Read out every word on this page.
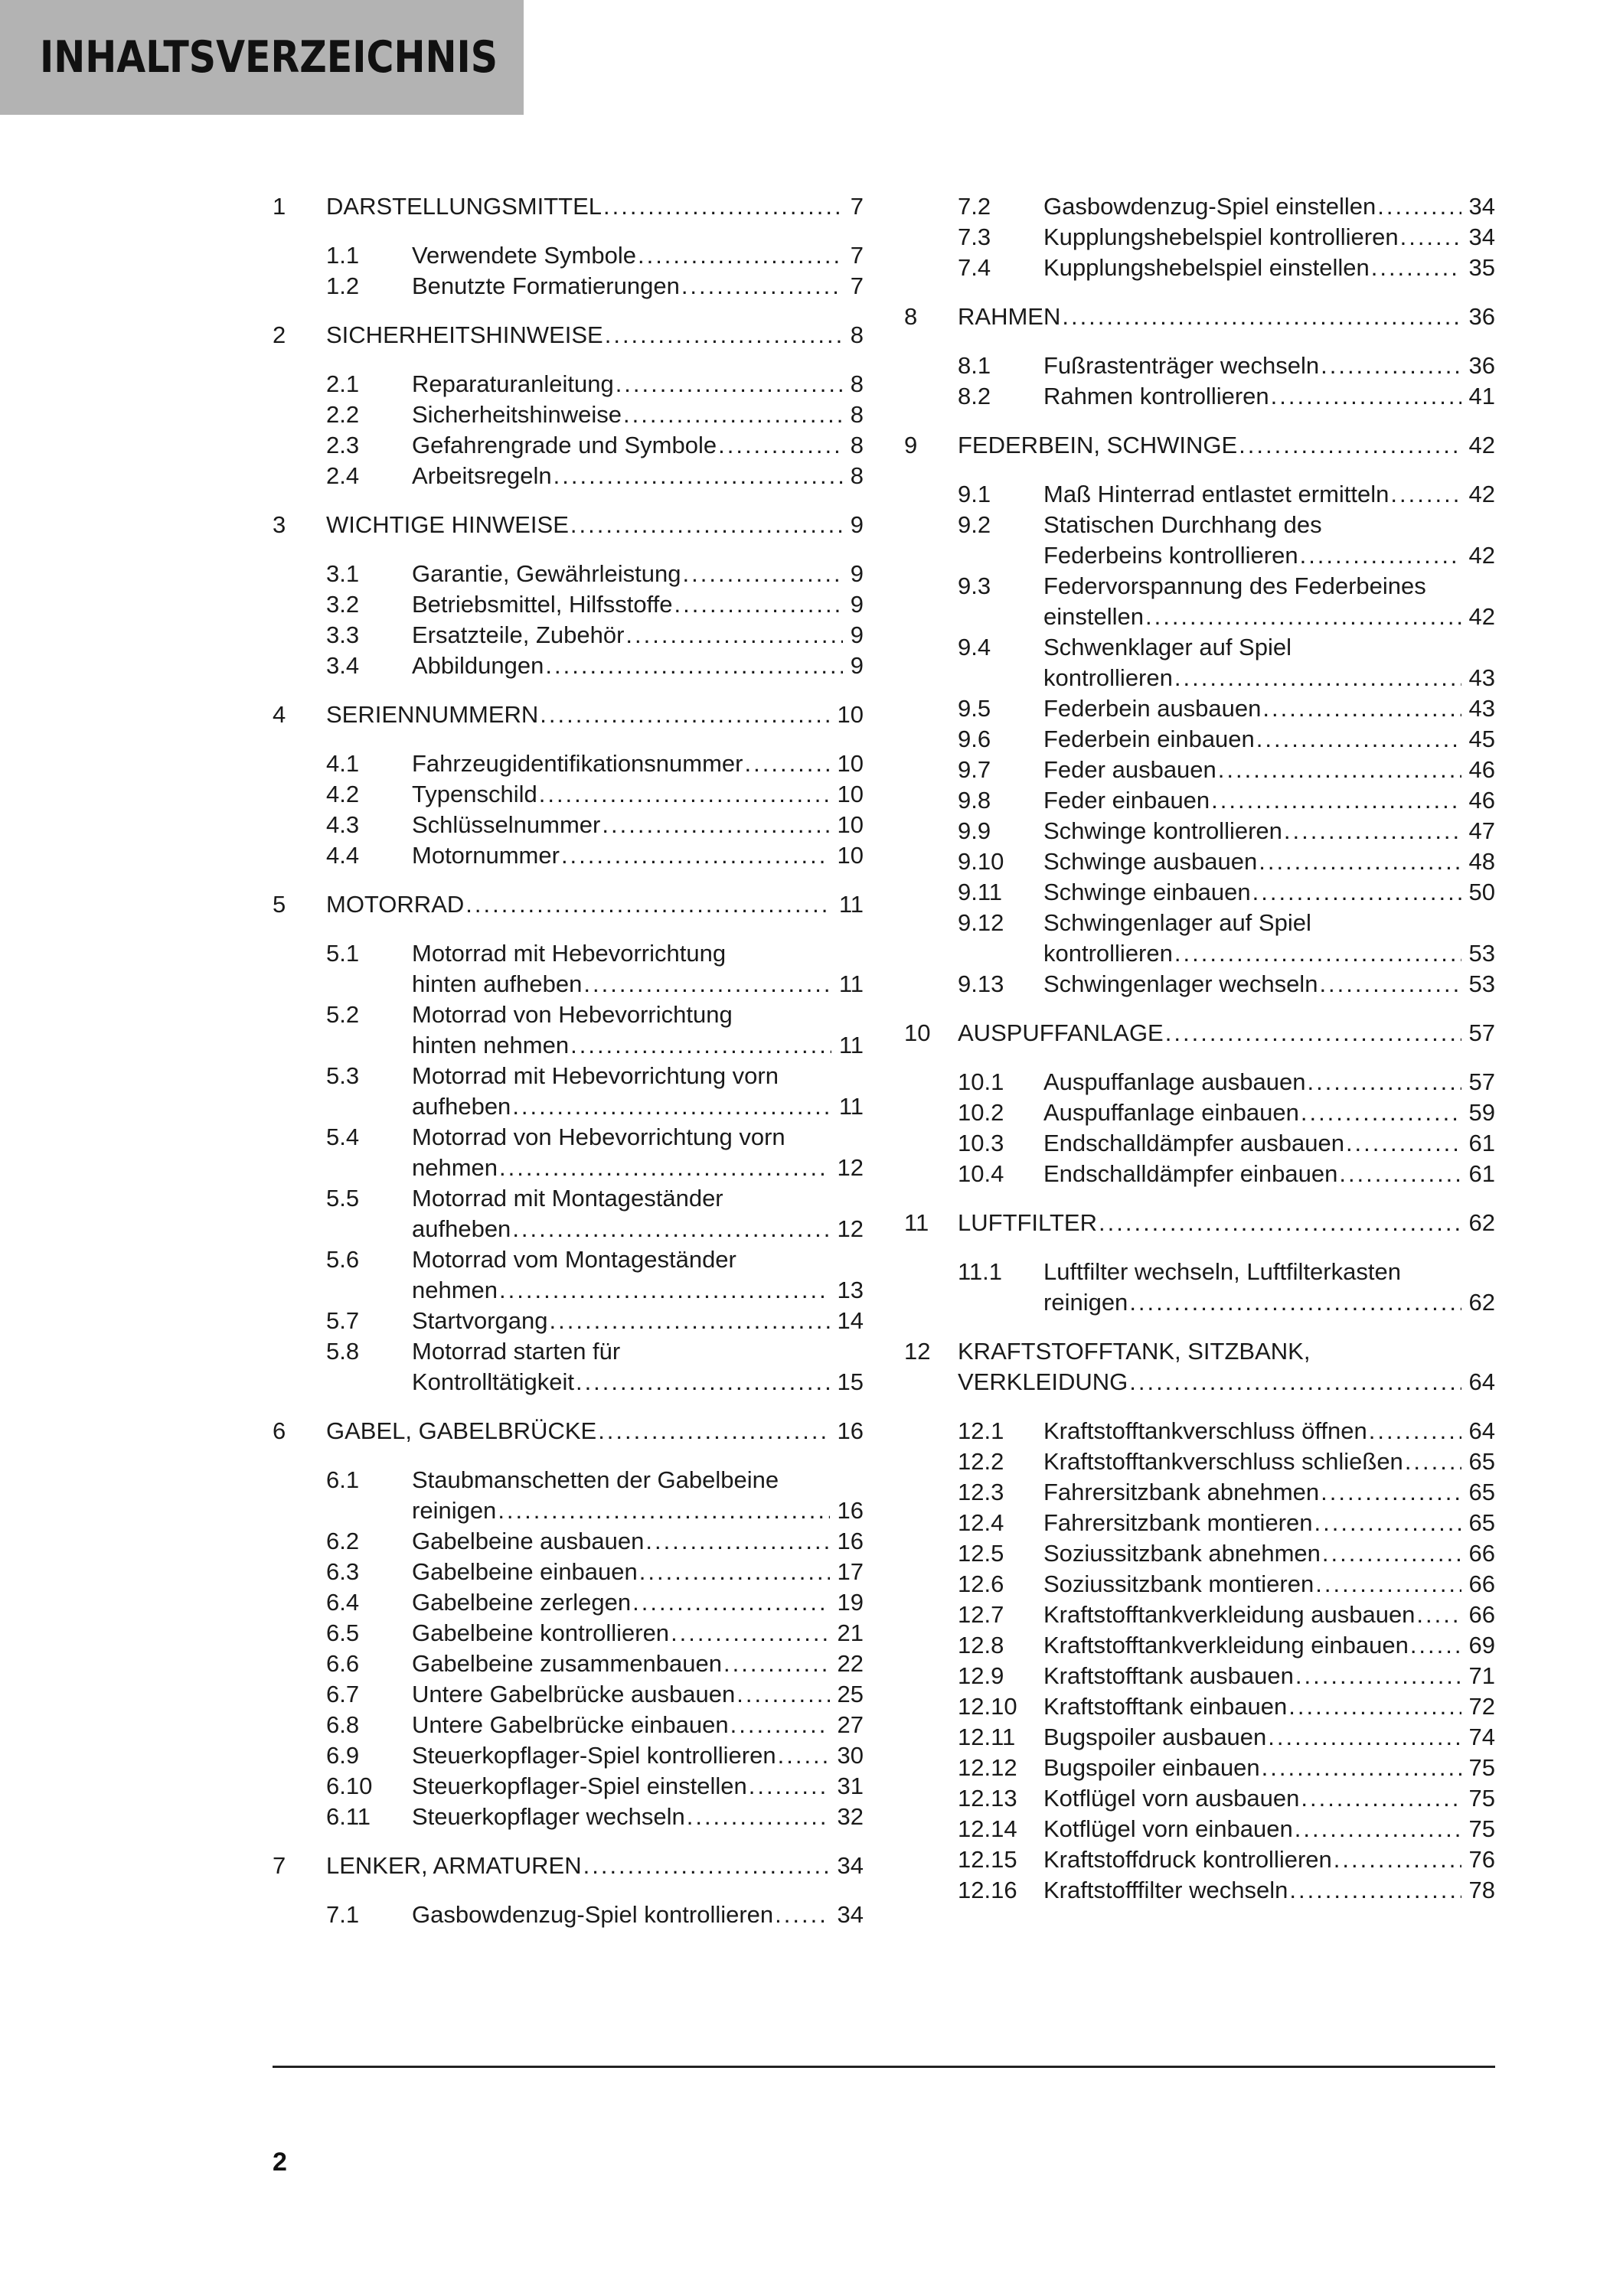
INHALTSVERZEICHNIS
1 DARSTELLUNGSMITTEL .....	7
1.1 Verwendete Symbole .....	7
1.2 Benutzte Formatierungen .....	7
2 SICHERHEITSHINWEISE .....	8
2.1 Reparaturanleitung .....	8
2.2 Sicherheitshinweise .....	8
2.3 Gefahrengrade und Symbole .....	8
2.4 Arbeitsregeln .....	8
3 WICHTIGE HINWEISE .....	9
3.1 Garantie, Gewährleistung .....	9
3.2 Betriebsmittel, Hilfsstoffe .....	9
3.3 Ersatzteile, Zubehör .....	9
3.4 Abbildungen .....	9
4 SERIENNUMMERN .....	10
4.1 Fahrzeugidentifikationsnummer .....	10
4.2 Typenschild .....	10
4.3 Schlüsselnummer .....	10
4.4 Motornummer .....	10
5 MOTORRAD .....	11
5.1 Motorrad mit Hebevorrichtung
hinten aufheben .....	11
5.2 Motorrad von Hebevorrichtung
hinten nehmen .....	11
5.3 Motorrad mit Hebevorrichtung vorn
aufheben .....	11
5.4 Motorrad von Hebevorrichtung vorn
nehmen .....	12
5.5 Motorrad mit Montageständer
aufheben .....	12
5.6 Motorrad vom Montageständer
nehmen .....	13
5.7 Startvorgang .....	14
5.8 Motorrad starten für
Kontrolltätigkeit .....	15
6 GABEL, GABELBRÜCKE .....	16
6.1 Staubmanschetten der Gabelbeine
reinigen .....	16
6.2 Gabelbeine ausbauen .....	16
6.3 Gabelbeine einbauen .....	17
6.4 Gabelbeine zerlegen .....	19
6.5 Gabelbeine kontrollieren .....	21
6.6 Gabelbeine zusammenbauen .....	22
6.7 Untere Gabelbrücke ausbauen .....	25
6.8 Untere Gabelbrücke einbauen .....	27
6.9 Steuerkopflager-Spiel kontrollieren .....	30
6.10 Steuerkopflager-Spiel einstellen .....	31
6.11 Steuerkopflager wechseln .....	32
7 LENKER, ARMATUREN .....	34
7.1 Gasbowdenzug-Spiel kontrollieren .....	34
7.2 Gasbowdenzug-Spiel einstellen .....	34
7.3 Kupplungshebelspiel kontrollieren .....	34
7.4 Kupplungshebelspiel einstellen .....	35
8 RAHMEN .....	36
8.1 Fußrastenträger wechseln .....	36
8.2 Rahmen kontrollieren .....	41
9 FEDERBEIN, SCHWINGE .....	42
9.1 Maß Hinterrad entlastet ermitteln .....	42
9.2 Statischen Durchhang des
Federbeins kontrollieren .....	42
9.3 Federvorspannung des Federbeines
einstellen .....	42
9.4 Schwenklager auf Spiel
kontrollieren .....	43
9.5 Federbein ausbauen .....	43
9.6 Federbein einbauen .....	45
9.7 Feder ausbauen .....	46
9.8 Feder einbauen .....	46
9.9 Schwinge kontrollieren .....	47
9.10 Schwinge ausbauen .....	48
9.11 Schwinge einbauen .....	50
9.12 Schwingenlager auf Spiel
kontrollieren .....	53
9.13 Schwingenlager wechseln .....	53
10 AUSPUFFANLAGE .....	57
10.1 Auspuffanlage ausbauen .....	57
10.2 Auspuffanlage einbauen .....	59
10.3 Endschalldämpfer ausbauen .....	61
10.4 Endschalldämpfer einbauen .....	61
11 LUFTFILTER .....	62
11.1 Luftfilter wechseln, Luftfilterkasten
reinigen .....	62
12 KRAFTSTOFFTANK, SITZBANK,
VERKLEIDUNG .....	64
12.1 Kraftstofftankverschluss öffnen .....	64
12.2 Kraftstofftankverschluss schließen .....	65
12.3 Fahrersitzbank abnehmen .....	65
12.4 Fahrersitzbank montieren .....	65
12.5 Soziussitzbank abnehmen .....	66
12.6 Soziussitzbank montieren .....	66
12.7 Kraftstofftankverkleidung ausbauen ..... 66
12.8 Kraftstofftankverkleidung einbauen .....	69
12.9 Kraftstofftank ausbauen .....	71
12.10 Kraftstofftank einbauen .....	72
12.11 Bugspoiler ausbauen .....	74
12.12 Bugspoiler einbauen .....	75
12.13 Kotflügel vorn ausbauen .....	75
12.14 Kotflügel vorn einbauen .....	75
12.15 Kraftstoffdruck kontrollieren .....	76
12.16 Kraftstofffilter wechseln .....	78
2
